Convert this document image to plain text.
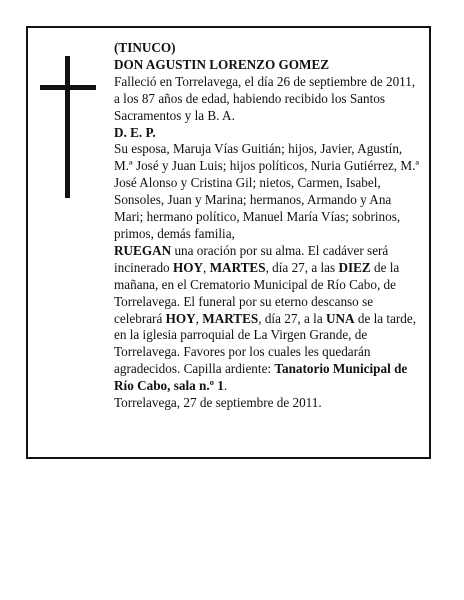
(TINUCO)

DON AGUSTIN LORENZO GOMEZ

Falleció en Torrelavega, el día 26 de septiembre de 2011, a los 87 años de edad, habiendo recibido los Santos Sacramentos y la B. A.

D. E. P.

Su esposa, Maruja Vías Guitián; hijos, Javier, Agustín, M.ª José y Juan Luis; hijos políticos, Nuria Gutiérrez, M.ª José Alonso y Cristina Gil; nietos, Carmen, Isabel, Sonsoles, Juan y Marina; hermanos, Armando y Ana Mari; hermano político, Manuel María Vías; sobrinos, primos, demás familia,

RUEGAN una oración por su alma. El cadáver será incinerado HOY, MARTES, día 27, a las DIEZ de la mañana, en el Crematorio Municipal de Río Cabo, de Torrelavega. El funeral por su eterno descanso se celebrará HOY, MARTES, día 27, a la UNA de la tarde, en la iglesia parroquial de La Virgen Grande, de Torrelavega. Favores por los cuales les quedarán agradecidos. Capilla ardiente: Tanatorio Municipal de Río Cabo, sala n.º 1.

Torrelavega, 27 de septiembre de 2011.
